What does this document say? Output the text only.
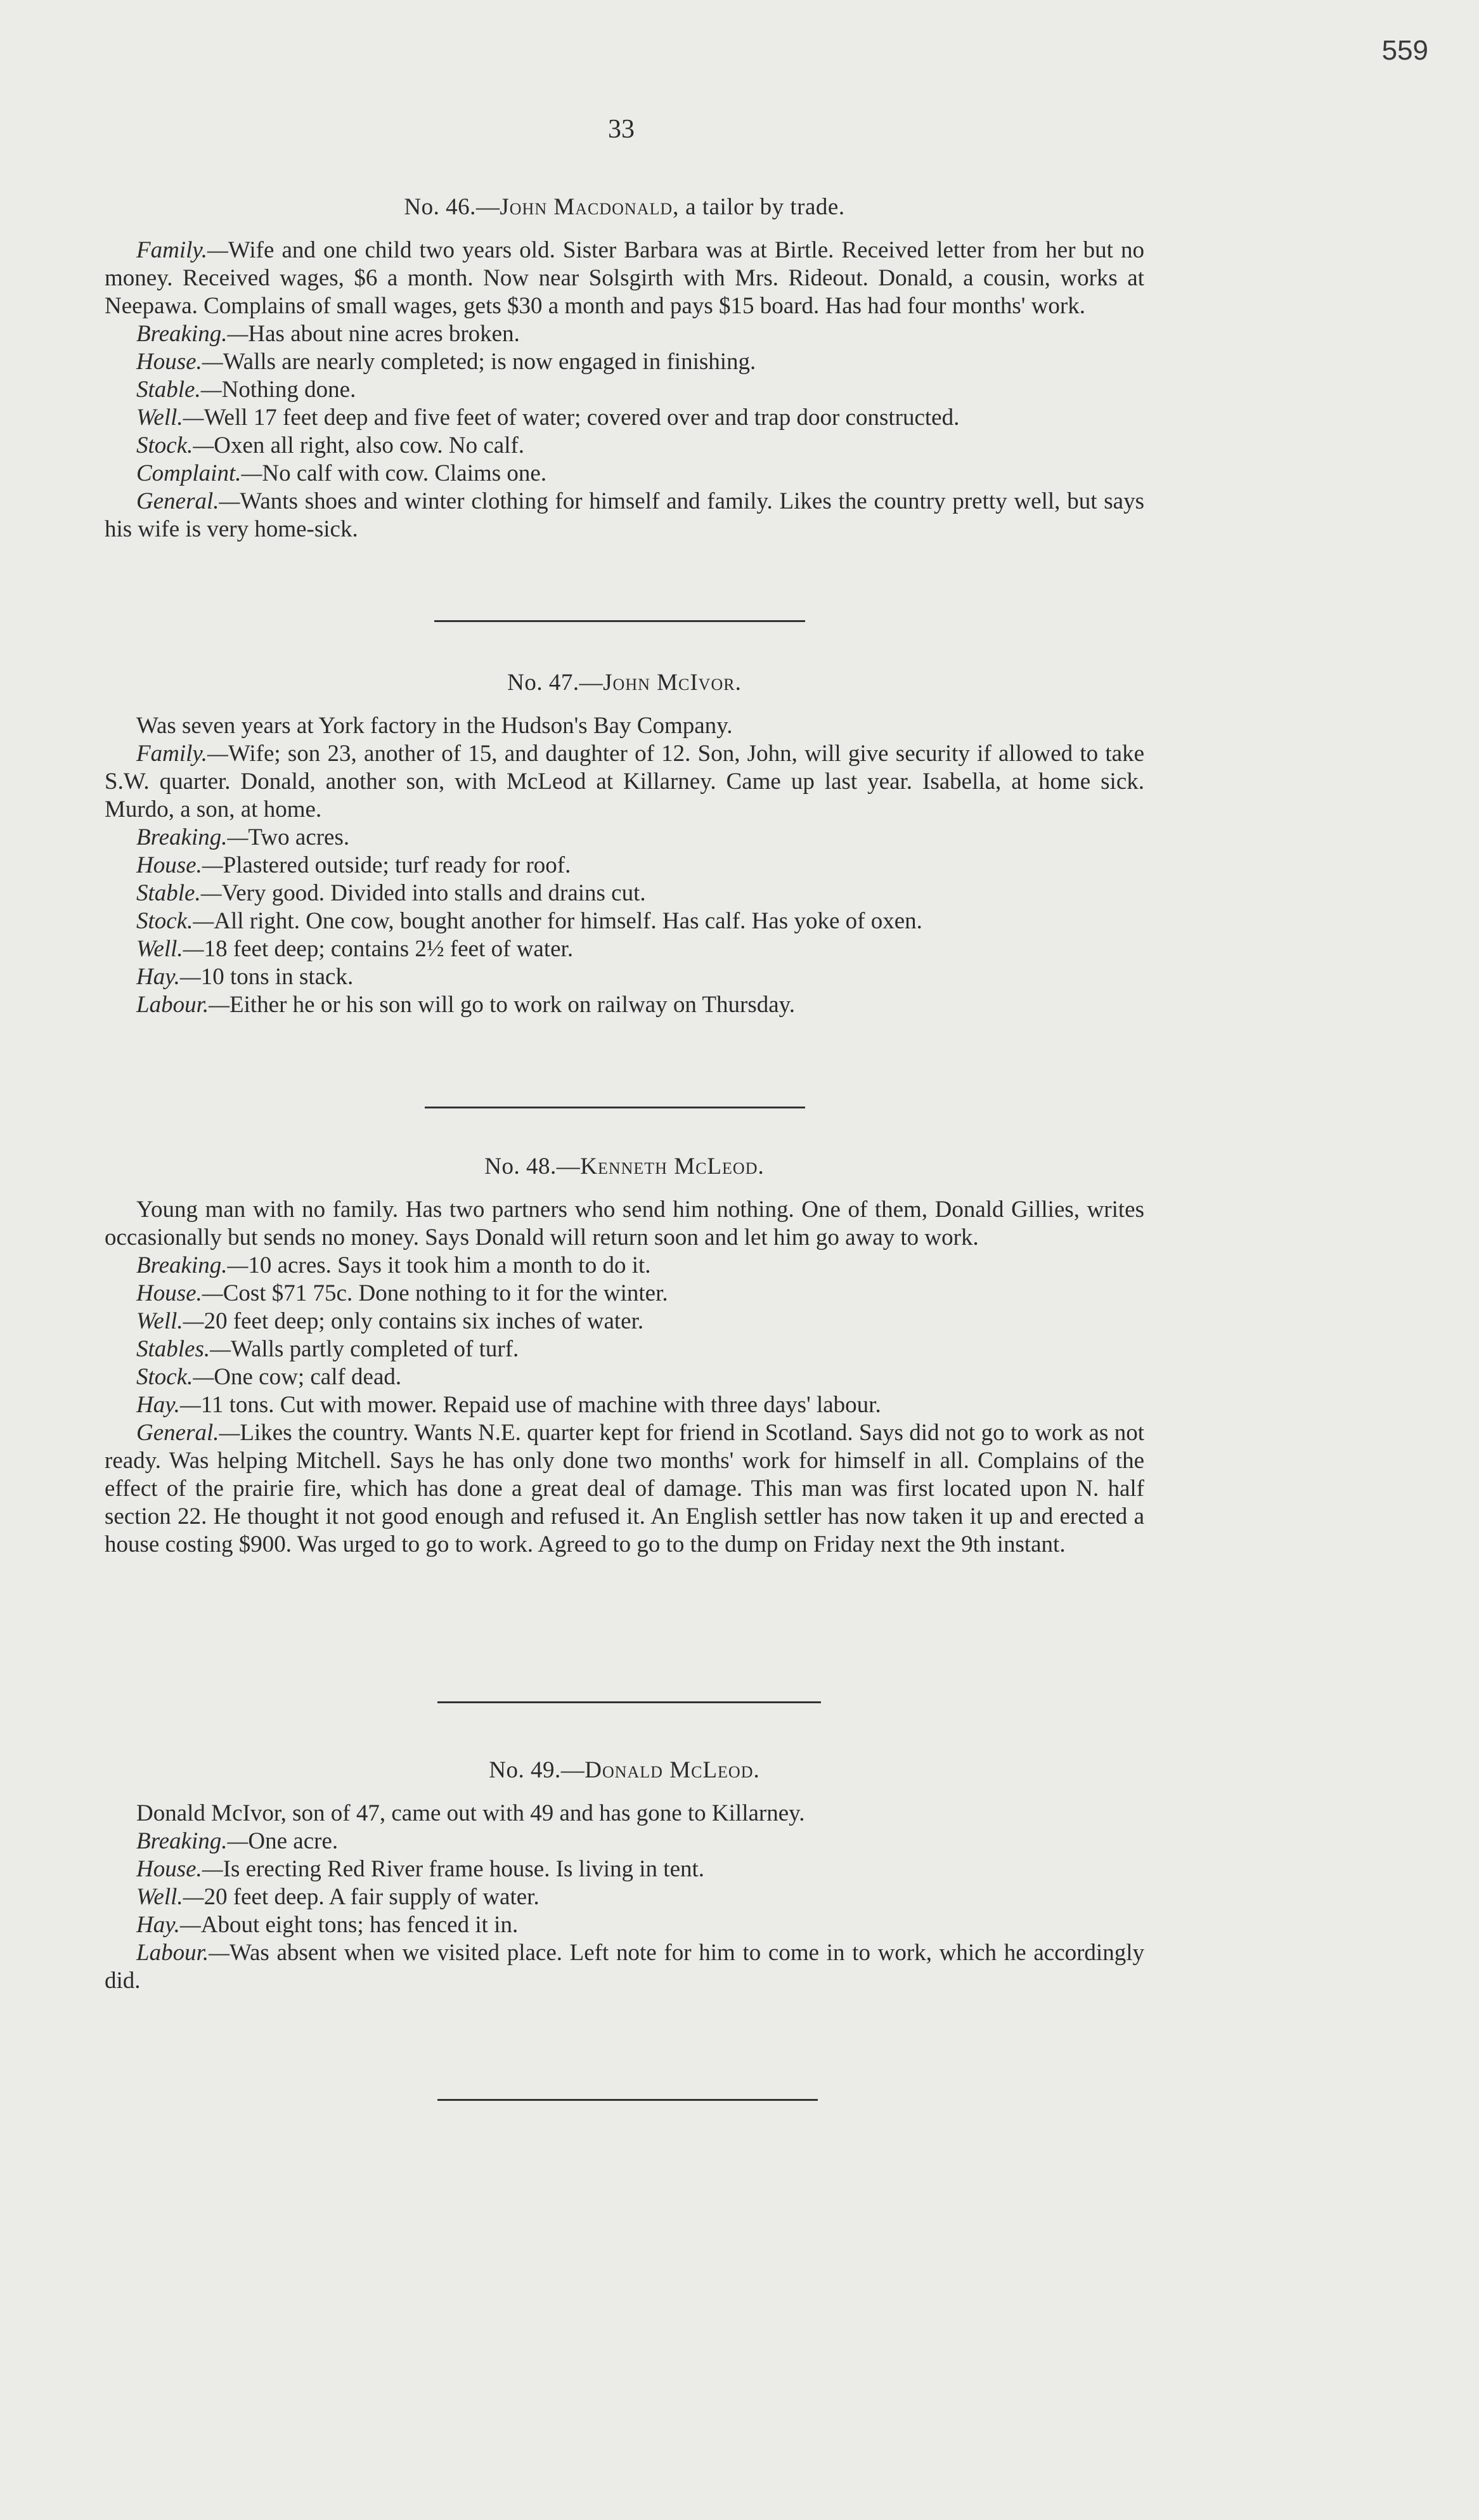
559
33
No. 46.—John Macdonald, a tailor by trade.

Family.—Wife and one child two years old. Sister Barbara was at Birtle. Received letter from her but no money. Received wages, $6 a month. Now near Solsgirth with Mrs. Rideout. Donald, a cousin, works at Neepawa. Complains of small wages, gets $30 a month and pays $15 board. Has had four months' work.

Breaking.—Has about nine acres broken.

House.—Walls are nearly completed; is now engaged in finishing.

Stable.—Nothing done.

Well.—Well 17 feet deep and five feet of water; covered over and trap door constructed.

Stock.—Oxen all right, also cow. No calf.

Complaint.—No calf with cow. Claims one.

General.—Wants shoes and winter clothing for himself and family. Likes the country pretty well, but says his wife is very home-sick.

No. 47.—John McIvor.

Was seven years at York factory in the Hudson's Bay Company.

Family.—Wife; son 23, another of 15, and daughter of 12. Son, John, will give security if allowed to take S.W. quarter. Donald, another son, with McLeod at Killarney. Came up last year. Isabella, at home sick. Murdo, a son, at home.

Breaking.—Two acres.

House.—Plastered outside; turf ready for roof.

Stable.—Very good. Divided into stalls and drains cut.

Stock.—All right. One cow, bought another for himself. Has calf. Has yoke of oxen.

Well.—18 feet deep; contains 2½ feet of water.

Hay.—10 tons in stack.

Labour.—Either he or his son will go to work on railway on Thursday.

No. 48.—Kenneth McLeod.

Young man with no family. Has two partners who send him nothing. One of them, Donald Gillies, writes occasionally but sends no money. Says Donald will return soon and let him go away to work.

Breaking.—10 acres. Says it took him a month to do it.

House.—Cost $71 75c. Done nothing to it for the winter.

Well.—20 feet deep; only contains six inches of water.

Stables.—Walls partly completed of turf.

Stock.—One cow; calf dead.

Hay.—11 tons. Cut with mower. Repaid use of machine with three days' labour.

General.—Likes the country. Wants N.E. quarter kept for friend in Scotland. Says did not go to work as not ready. Was helping Mitchell. Says he has only done two months' work for himself in all. Complains of the effect of the prairie fire, which has done a great deal of damage. This man was first located upon N. half section 22. He thought it not good enough and refused it. An English settler has now taken it up and erected a house costing $900. Was urged to go to work. Agreed to go to the dump on Friday next the 9th instant.

No. 49.—Donald McLeod.

Donald McIvor, son of 47, came out with 49 and has gone to Killarney.

Breaking.—One acre.

House.—Is erecting Red River frame house. Is living in tent.

Well.—20 feet deep. A fair supply of water.

Hay.—About eight tons; has fenced it in.

Labour.—Was absent when we visited place. Left note for him to come in to work, which he accordingly did.
